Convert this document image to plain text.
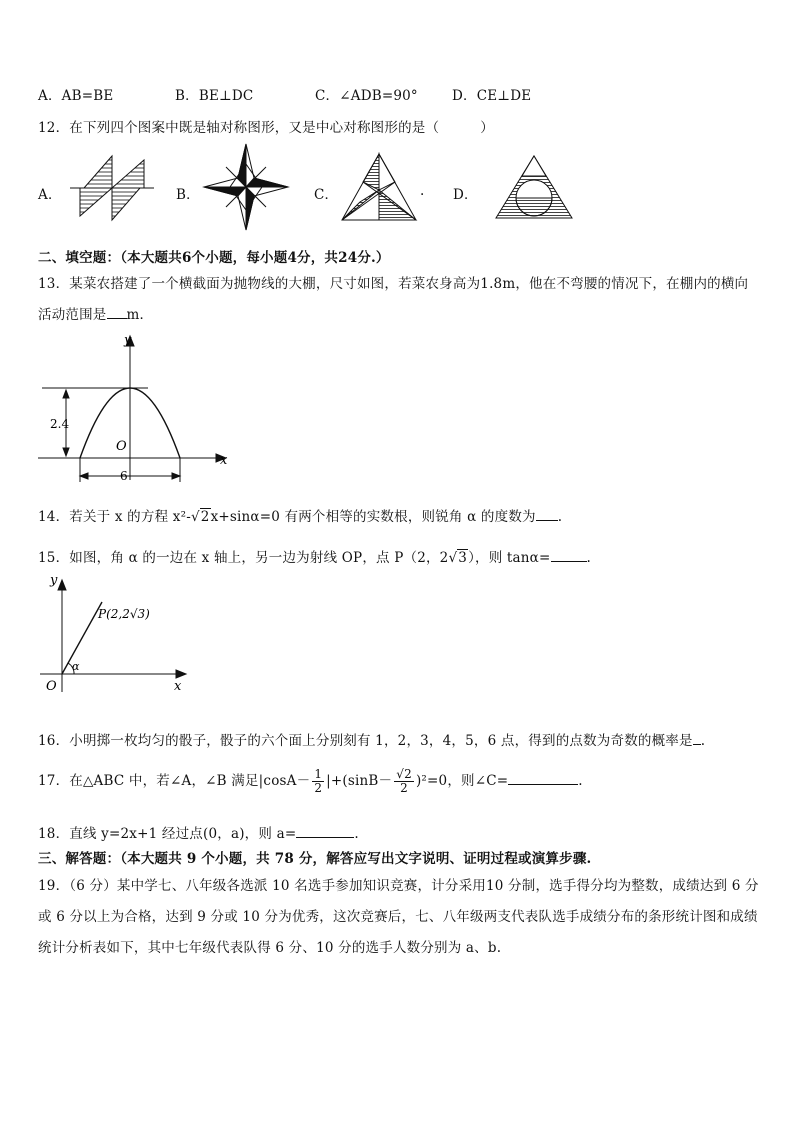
A．AB=BE	B．BE⊥DC	C．∠ADB=90°	D．CE⊥DE
12．在下列四个图案中既是轴对称图形，又是中心对称图形的是（　　　）
A．	B．	C．	. D．
二、填空题：（本大题共6个小题，每小题4分，共24分.）
13．某菜农搭建了一个横截面为抛物线的大棚，尺寸如图，若菜农身高为1.8m，他在不弯腰的情况下，在棚内的横向
活动范围是 m．
y
x
O
2.4
6
14．若关于 x 的方程 x²-√2x+sinα=0 有两个相等的实数根，则锐角 α 的度数为 .
15．如图，角 α 的一边在 x 轴上，另一边为射线 OP，点 P（2，2√3），则 tanα=	.
y
x
O
α
P(2,2√3)
16．小明掷一枚均匀的骰子，骰子的六个面上分别刻有 1，2，3，4，5，6 点，得到的点数为奇数的概率是 .
17．在△ABC 中，若∠A，∠B 满足$|\cos A- \frac{1}{2} |+(\sin B- \frac{√2}{2} )^2=0$，则∠C=	.
18．直线 y=2x+1 经过点(0，a)，则 a=	.
三、解答题：（本大题共 9 个小题，共 78 分，解答应写出文字说明、证明过程或演算步骤.
19．（6 分）某中学七、八年级各选派 10 名选手参加知识竞赛，计分采用10 分制，选手得分均为整数，成绩达到 6 分
或 6 分以上为合格，达到 9 分或 10 分为优秀，这次竞赛后，七、八年级两支代表队选手成绩分布的条形统计图和成绩
统计分析表如下，其中七年级代表队得 6 分、10 分的选手人数分别为 a、b.
